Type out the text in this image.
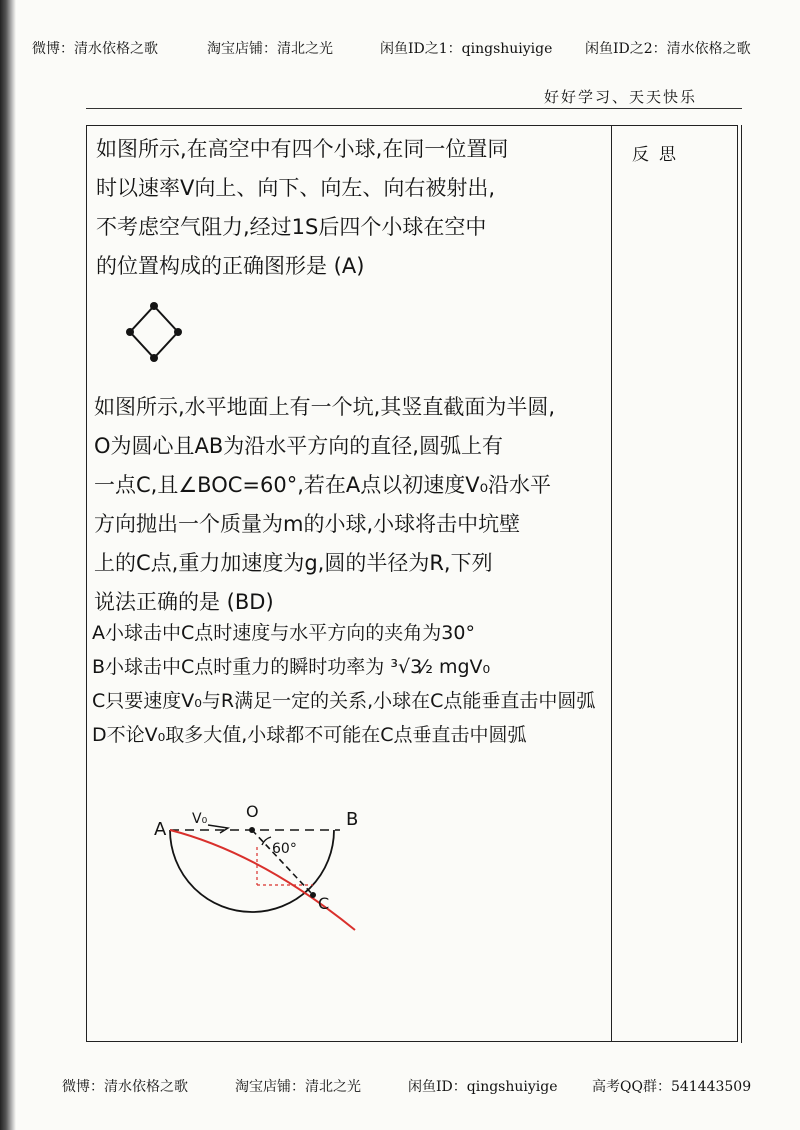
微博：清水依格之歌	淘宝店铺：清北之光	闲鱼ID之1：qingshuiyige 闲鱼ID之2：清水依格之歌
好好学习、天天快乐
反思
如图所示,在高空中有四个小球,在同一位置同
时以速率V向上、向下、向左、向右被射出,
不考虑空气阻力,经过1S后四个小球在空中
的位置构成的正确图形是 (A)
如图所示,水平地面上有一个坑,其竖直截面为半圆,
O为圆心且AB为沿水平方向的直径,圆弧上有
一点C,且∠BOC=60°,若在A点以初速度V₀沿水平
方向抛出一个质量为m的小球,小球将击中坑壁
上的C点,重力加速度为g,圆的半径为R,下列
说法正确的是 (BD)
A小球击中C点时速度与水平方向的夹角为30°
B小球击中C点时重力的瞬时功率为 ³√3⁄₂ mgV₀
C只要速度V₀与R满足一定的关系,小球在C点能垂直击中圆弧
D不论V₀取多大值,小球都不可能在C点垂直击中圆弧
A
O	B
C
V₀
60°
微博：清水依格之歌	淘宝店铺：清北之光	闲鱼ID：qingshuiyige 高考QQ群：541443509
